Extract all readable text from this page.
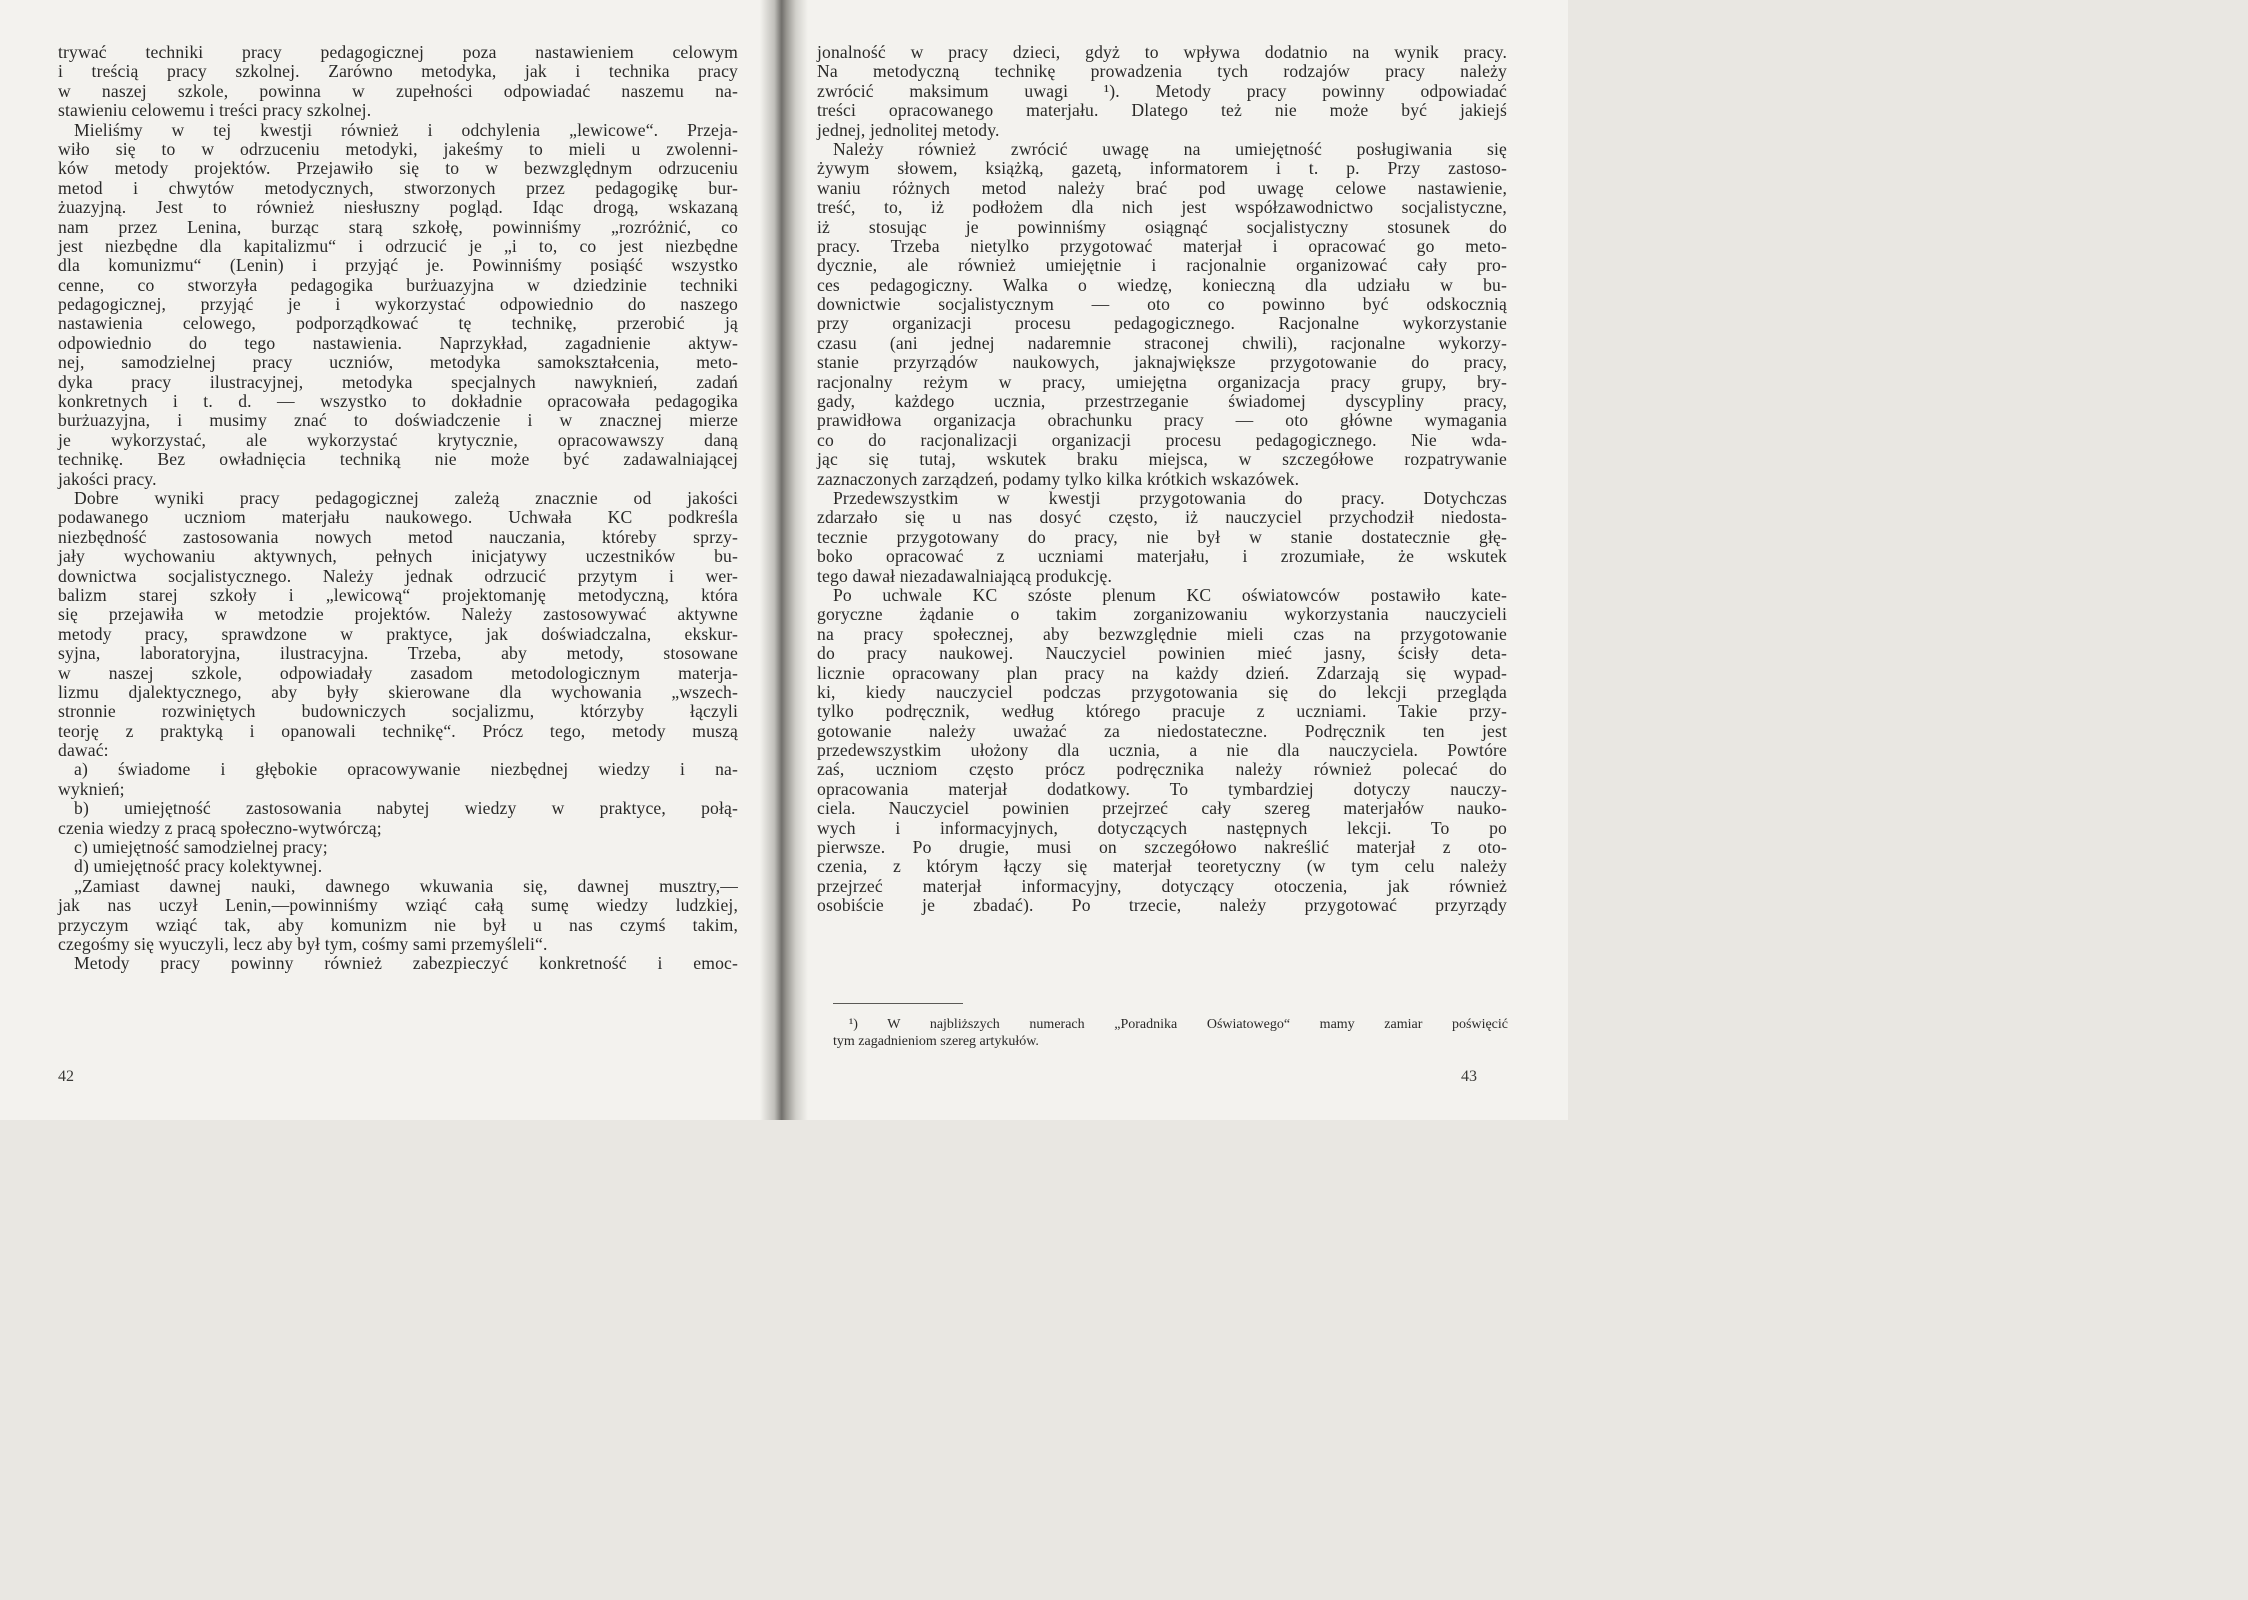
trywać techniki pracy pedagogicznej poza nastawieniem celowym
i treścią pracy szkolnej. Zarówno metodyka, jak i technika pracy
w naszej szkole, powinna w zupełności odpowiadać naszemu na-
stawieniu celowemu i treści pracy szkolnej.
Mieliśmy w tej kwestji również i odchylenia „lewicowe“. Przeja-
wiło się to w odrzuceniu metodyki, jakeśmy to mieli u zwolenni-
ków metody projektów. Przejawiło się to w bezwzględnym odrzuceniu
metod i chwytów metodycznych, stworzonych przez pedagogikę bur-
żuazyjną. Jest to również niesłuszny pogląd. Idąc drogą, wskazaną
nam przez Lenina, burząc starą szkołę, powinniśmy „rozróżnić, co
jest niezbędne dla kapitalizmu“ i odrzucić je „i to, co jest niezbędne
dla komunizmu“ (Lenin) i przyjąć je. Powinniśmy posiąść wszystko
cenne, co stworzyła pedagogika burżuazyjna w dziedzinie techniki
pedagogicznej, przyjąć je i wykorzystać odpowiednio do naszego
nastawienia celowego, podporządkować tę technikę, przerobić ją
odpowiednio do tego nastawienia. Naprzykład, zagadnienie aktyw-
nej, samodzielnej pracy uczniów, metodyka samokształcenia, meto-
dyka pracy ilustracyjnej, metodyka specjalnych nawyknień, zadań
konkretnych i t. d. — wszystko to dokładnie opracowała pedagogika
burżuazyjna, i musimy znać to doświadczenie i w znacznej mierze
je wykorzystać, ale wykorzystać krytycznie, opracowawszy daną
technikę. Bez owładnięcia techniką nie może być zadawalniającej
jakości pracy.
Dobre wyniki pracy pedagogicznej zależą znacznie od jakości
podawanego uczniom materjału naukowego. Uchwała KC podkreśla
niezbędność zastosowania nowych metod nauczania, któreby sprzy-
jały wychowaniu aktywnych, pełnych inicjatywy uczestników bu-
downictwa socjalistycznego. Należy jednak odrzucić przytym i wer-
balizm starej szkoły i „lewicową“ projektomanję metodyczną, która
się przejawiła w metodzie projektów. Należy zastosowywać aktywne
metody pracy, sprawdzone w praktyce, jak doświadczalna, ekskur-
syjna, laboratoryjna, ilustracyjna. Trzeba, aby metody, stosowane
w naszej szkole, odpowiadały zasadom metodologicznym materja-
lizmu djalektycznego, aby były skierowane dla wychowania „wszech-
stronnie rozwiniętych budowniczych socjalizmu, którzyby łączyli
teorję z praktyką i opanowali technikę“. Prócz tego, metody muszą
dawać:
a) świadome i głębokie opracowywanie niezbędnej wiedzy i na-
wyknień;
b) umiejętność zastosowania nabytej wiedzy w praktyce, połą-
czenia wiedzy z pracą społeczno-wytwórczą;
c) umiejętność samodzielnej pracy;
d) umiejętność pracy kolektywnej.
„Zamiast dawnej nauki, dawnego wkuwania się, dawnej musztry,—
jak nas uczył Lenin,—powinniśmy wziąć całą sumę wiedzy ludzkiej,
przyczym wziąć tak, aby komunizm nie był u nas czymś takim,
czegośmy się wyuczyli, lecz aby był tym, cośmy sami przemyśleli“.
Metody pracy powinny również zabezpieczyć konkretność i emoc-
42
jonalność w pracy dzieci, gdyż to wpływa dodatnio na wynik pracy.
Na metodyczną technikę prowadzenia tych rodzajów pracy należy
zwrócić maksimum uwagi ¹). Metody pracy powinny odpowiadać
treści opracowanego materjału. Dlatego też nie może być jakiejś
jednej, jednolitej metody.
Należy również zwrócić uwagę na umiejętność posługiwania się
żywym słowem, książką, gazetą, informatorem i t. p. Przy zastoso-
waniu różnych metod należy brać pod uwagę celowe nastawienie,
treść, to, iż podłożem dla nich jest współzawodnictwo socjalistyczne,
iż stosując je powinniśmy osiągnąć socjalistyczny stosunek do
pracy. Trzeba nietylko przygotować materjał i opracować go meto-
dycznie, ale również umiejętnie i racjonalnie organizować cały pro-
ces pedagogiczny. Walka o wiedzę, konieczną dla udziału w bu-
downictwie socjalistycznym — oto co powinno być odskocznią
przy organizacji procesu pedagogicznego. Racjonalne wykorzystanie
czasu (ani jednej nadaremnie straconej chwili), racjonalne wykorzy-
stanie przyrządów naukowych, jaknajwiększe przygotowanie do pracy,
racjonalny reżym w pracy, umiejętna organizacja pracy grupy, bry-
gady, każdego ucznia, przestrzeganie świadomej dyscypliny pracy,
prawidłowa organizacja obrachunku pracy — oto główne wymagania
co do racjonalizacji organizacji procesu pedagogicznego. Nie wda-
jąc się tutaj, wskutek braku miejsca, w szczegółowe rozpatrywanie
zaznaczonych zarządzeń, podamy tylko kilka krótkich wskazówek.
Przedewszystkim w kwestji przygotowania do pracy. Dotychczas
zdarzało się u nas dosyć często, iż nauczyciel przychodził niedosta-
tecznie przygotowany do pracy, nie był w stanie dostatecznie głę-
boko opracować z uczniami materjału, i zrozumiałe, że wskutek
tego dawał niezadawalniającą produkcję.
Po uchwale KC szóste plenum KC oświatowców postawiło kate-
goryczne żądanie o takim zorganizowaniu wykorzystania nauczycieli
na pracy społecznej, aby bezwzględnie mieli czas na przygotowanie
do pracy naukowej. Nauczyciel powinien mieć jasny, ścisły deta-
licznie opracowany plan pracy na każdy dzień. Zdarzają się wypad-
ki, kiedy nauczyciel podczas przygotowania się do lekcji przegląda
tylko podręcznik, według którego pracuje z uczniami. Takie przy-
gotowanie należy uważać za niedostateczne. Podręcznik ten jest
przedewszystkim ułożony dla ucznia, a nie dla nauczyciela. Powtóre
zaś, uczniom często prócz podręcznika należy również polecać do
opracowania materjał dodatkowy. To tymbardziej dotyczy nauczy-
ciela. Nauczyciel powinien przejrzeć cały szereg materjałów nauko-
wych i informacyjnych, dotyczących następnych lekcji. To po
pierwsze. Po drugie, musi on szczegółowo nakreślić materjał z oto-
czenia, z którym łączy się materjał teoretyczny (w tym celu należy
przejrzeć materjał informacyjny, dotyczący otoczenia, jak również
osobiście je zbadać). Po trzecie, należy przygotować przyrządy
¹) W najbliższych numerach „Poradnika Oświatowego“ mamy zamiar poświęcić
tym zagadnieniom szereg artykułów.
43
